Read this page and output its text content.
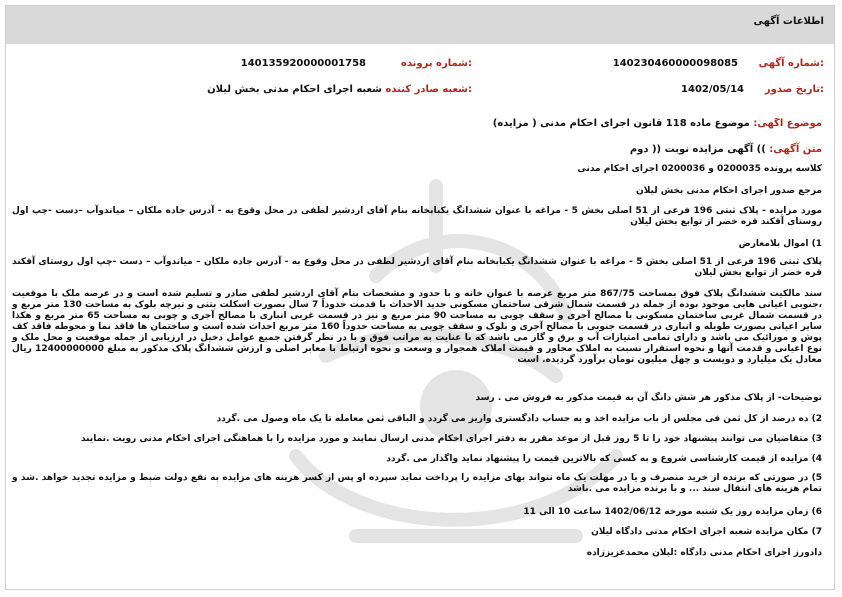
اطلاعات آگهی
شماره آگهی:
140230460000098085
شماره پرونده:
140135920000001758
تاریخ صدور:
1402/05/14
شعبه صادر کننده:
شعبه اجرای احکام مدنی بخش لیلان
موضوع آگهی: موضوع ماده 118 قانون اجرای احکام مدنی ( مزایده)
متن آگهی: )) آگهی مزایده نوبت (( دوم
کلاسه پرونده 0200035 و 0200036 اجرای احکام مدنی
مرجع صدور اجرای احکام مدنی بخش لیلان
مورد مزایده - پلاک ثبتی 196 فرعی از 51 اصلی بخش 5 - مراغه با عنوان ششدانگ یکبابخانه بنام آقای اردشیر لطفی در محل وقوع به - آدرس جاده ملکان – میاندوآب –دست -چپ اول روستای آقکند قره خضر از توابع بخش لیلان
1) اموال بلامعارض
پلاک ثبتی 196 فرعی از 51 اصلی بخش 5 - مراغه با عنوان ششدانگ یکبابخانه بنام آقای اردشیر لطفی در محل وقوع به - آدرس جاده ملکان – میاندوآب – دست -چپ اول روستای آقکند قره خضر از توابع بخش لیلان
سند مالکیت ششدانگ پلاک فوق بمساحت 867/75 متر مربع عرصه با عنوان خانه و با حدود و مشخصات بنام آقای اردشیر لطفی صادر و تسلیم شده است و در عرصه ملک با موقعیت ،جنوبی اعیانی هایی موجود بوده از جمله در قسمت شمال شرقی ساختمان مسکونی جدید الاحداث با قدمت حدوداً 7 سال بصورت اسکلت بتنی و تیرچه بلوک به مساحت 130 متر مربع و در قسمت شمال غربی ساختمان مسکونی با مصالح آجری و سقف چوبی به مساحت 90 متر مربع و نیز در قسمت غربی انباری با مصالح آجری و چوبی به مساحت 65 متر مربع و هکذا سایر اعیانی بصورت طویله و انباری در قسمت جنوبی با مصالح آجری و بلوک و سقف چوبی به مساحت حدوداً 160 متر مربع احداث شده است و ساختمان ها فاقد نما و محوطه فاقد کف پوش و موزائیک می باشد و دارای تمامی امتیازات آب و برق و گاز می باشد که با عنایت به مراتب فوق و با در نظر گرفتن جمیع عوامل دخیل در ارزیابی از جمله موقعیت و محل ملک و نوع اعیانی و قدمت آنها و نحوه استقرار نسبت به املاک مجاور و قیمت املاک همجوار و وسعت و نحوه ارتباط با معابر اصلی و ارزش ششدانگ پلاک مذکور به مبلغ 12400000000 ریال معادل یک میلیارد و دویست و چهل میلیون تومان برآورد گردیده. است
توضیحات- از پلاک مذکور هر شش دانگ آن به قیمت مذکور به فروش می . رسد
2) ده درصد از کل ثمن فی مجلس از باب مزایده اخذ و به حساب دادگستری واریز می گردد و الباقی ثمن معامله تا یک ماه وصول می .گردد
3) متقاضیان می توانند پیشنهاد خود را تا 5 روز قبل از موعد مقرر به دفتر اجرای احکام مدنی ارسال نمایند و مورد مزایده را با هماهنگی اجرای احکام مدنی رویت .نمایند
4) مزایده از قیمت کارشناسی شروع و به کسی که بالاترین قیمت را پیشنهاد نماید واگذار می .گردد
5) در صورتی که برنده از خرید منصرف و یا در مهلت یک ماه نتواند بهای مزایده را پرداخت نماید سپرده او پس از کسر هزینه های مزایده به نفع دولت ضبط و مزایده تجدید خواهد .شد و تمام هزینه های انتقال سند ... و با برنده مزایده می .باشد
6) زمان مزایده روز یک شنبه مورخه 1402/06/12 ساعت 10 الی 11
7) مکان مزایده شعبه اجرای احکام مدنی دادگاه لیلان
دادورز اجرای احکام مدنی دادگاه :لیلان محمدعزیززاده
